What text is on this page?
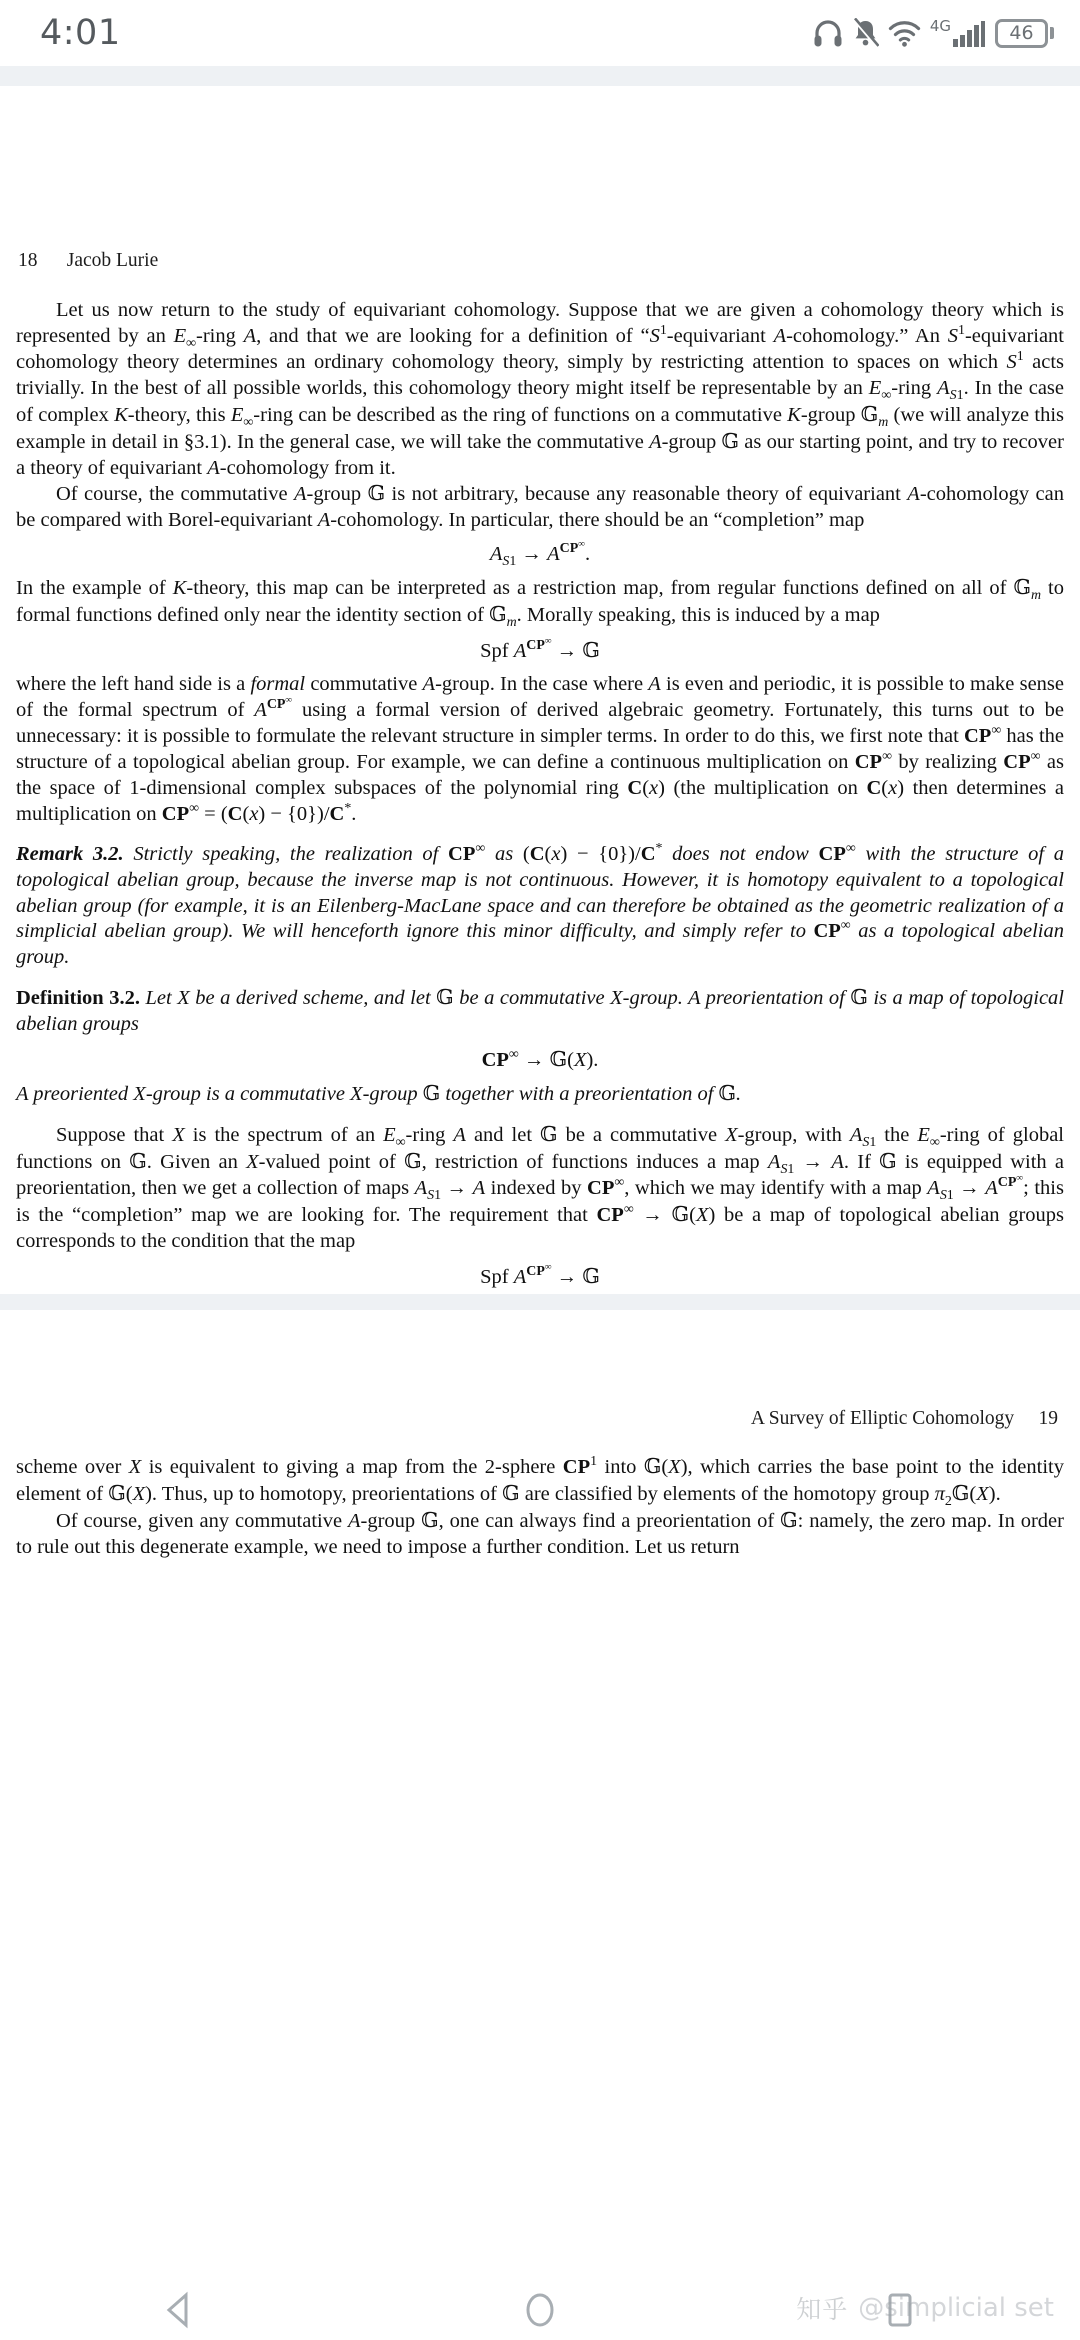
4:01	4G	46
18 Jacob Lurie

Let us now return to the study of equivariant cohomology. Suppose that we are given a cohomology theory which is represented by an $E_\infty$-ring A, and that we are looking for a definition of “$S^1$-equivariant A-cohomology.” An $S^1$-equivariant cohomology theory determines an ordinary cohomology theory, simply by restricting attention to spaces on which $S^1$ acts trivially. In the best of all possible worlds, this cohomology theory might itself be representable by an $E_\infty$-ring $A_{S1}$. In the case of complex K-theory, this $E_\infty$-ring can be described as the ring of functions on a commutative K-group 𝔾$_m$ (we will analyze this example in detail in §3.1). In the general case, we will take the commutative A-group 𝔾 as our starting point, and try to recover a theory of equivariant A-cohomology from it.

Of course, the commutative A-group 𝔾 is not arbitrary, because any reasonable theory of equivariant A-cohomology can be compared with Borel-equivariant A-cohomology. In particular, there should be an “completion” map

$A_{S1} \to A^{CP^\infty}$.

In the example of K-theory, this map can be interpreted as a restriction map, from regular functions defined on all of 𝔾$_m$ to formal functions defined only near the identity section of 𝔾$_m$. Morally speaking, this is induced by a map

Spf $A^{CP^\infty}$ → 𝔾

where the left hand side is a formal commutative A-group. In the case where A is even and periodic, it is possible to make sense of the formal spectrum of $A^{CP^\infty}$ using a formal version of derived algebraic geometry. Fortunately, this turns out to be unnecessary: it is possible to formulate the relevant structure in simpler terms. In order to do this, we first note that CP∞ has the structure of a topological abelian group. For example, we can define a continuous multiplication on CP∞ by realizing CP∞ as the space of 1-dimensional complex subspaces of the polynomial ring C(x) (the multiplication on C(x) then determines a multiplication on CP∞ = (C(x) − {0})/C*.

Remark 3.2. Strictly speaking, the realization of CP∞ as (C(x) − {0})/C* does not endow CP∞ with the structure of a topological abelian group, because the inverse map is not continuous. However, it is homotopy equivalent to a topological abelian group (for example, it is an Eilenberg-MacLane space and can therefore be obtained as the geometric realization of a simplicial abelian group). We will henceforth ignore this minor difficulty, and simply refer to CP∞ as a topological abelian group.

Definition 3.2. Let X be a derived scheme, and let 𝔾 be a commutative X-group. A preorientation of 𝔾 is a map of topological abelian groups

CP∞ → 𝔾(X).

A preoriented X-group is a commutative X-group 𝔾 together with a preorientation of 𝔾.

Suppose that X is the spectrum of an $E_\infty$-ring A and let 𝔾 be a commutative X-group, with $A_{S1}$ the $E_\infty$-ring of global functions on 𝔾. Given an X-valued point of 𝔾, restriction of functions induces a map $A_{S1} \to A$. If 𝔾 is equipped with a preorientation, then we get a collection of maps $A_{S1} \to A$ indexed by CP∞, which we may identify with a map $A_{S1} \to A^{CP^\infty}$; this is the “completion” map we are looking for. The requirement that CP∞ → 𝔾(X) be a map of topological abelian groups corresponds to the condition that the map

Spf $A^{CP^\infty}$ → 𝔾

A Survey of Elliptic Cohomology 19

scheme over X is equivalent to giving a map from the 2-sphere $CP^1$ into 𝔾(X), which carries the base point to the identity element of 𝔾(X). Thus, up to homotopy, preorientations of 𝔾 are classified by elements of the homotopy group $\pi_2𝔾(X)$.

Of course, given any commutative A-group 𝔾, one can always find a preorientation of 𝔾: namely, the zero map. In order to rule out this degenerate example, we need to impose a further condition. Let us return

知乎 @simplicial set
